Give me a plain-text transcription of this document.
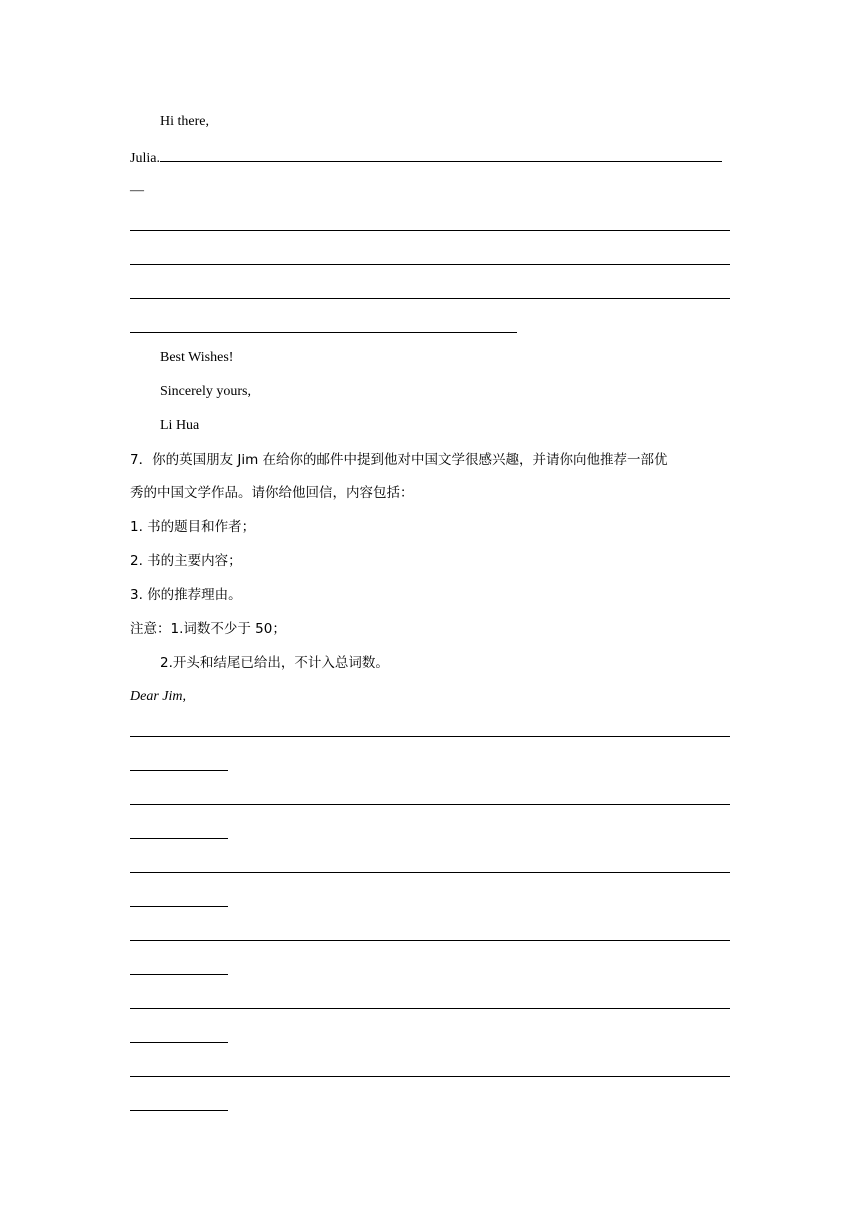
Hi there,
Julia.
—
Best Wishes!
Sincerely yours,
Li Hua
7．你的英国朋友 Jim 在给你的邮件中提到他对中国文学很感兴趣，并请你向他推荐一部优
秀的中国文学作品。请你给他回信，内容包括：
1. 书的题目和作者；
2. 书的主要内容；
3. 你的推荐理由。
注意：1.词数不少于 50；
2.开头和结尾已给出，不计入总词数。
Dear Jim,
